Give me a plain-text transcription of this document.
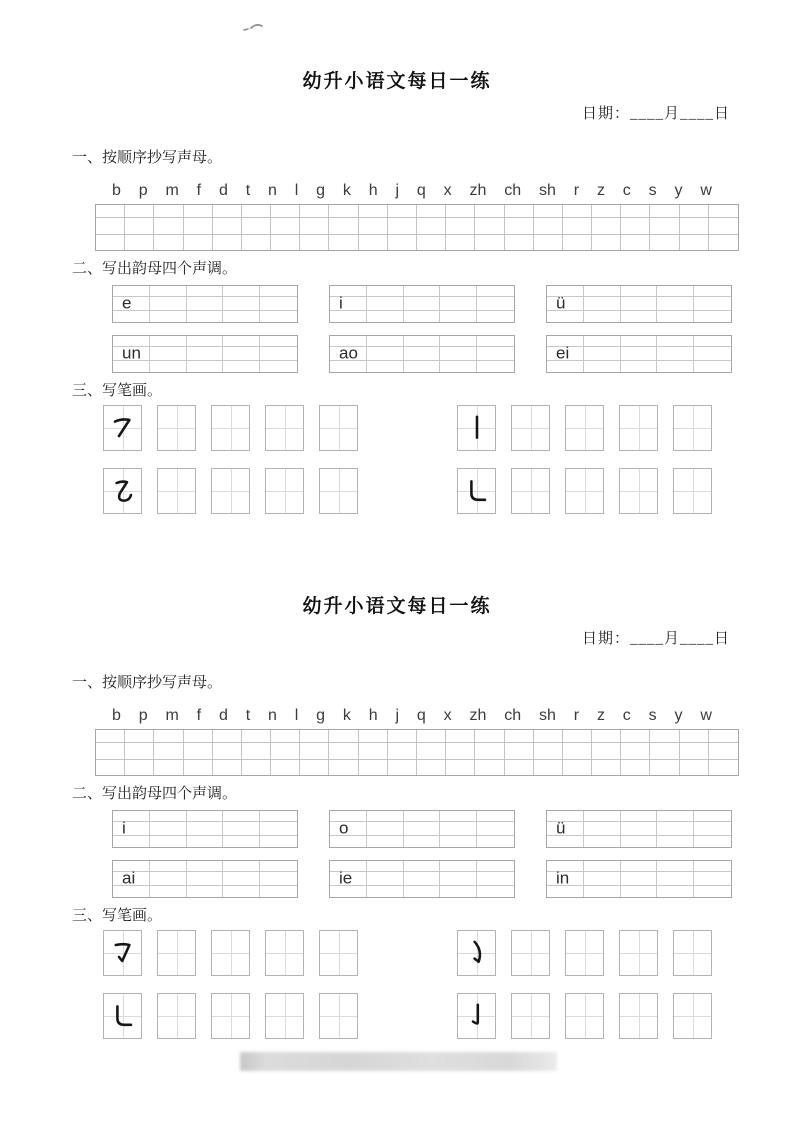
幼升小语文每日一练
日期：____月____日

一、按顺序抄写声母。

b p m f d t n l g k h j q x zh ch sh r z c s y w

二、写出韵母四个声调。

e	i	ü
un	ao	ei

三、写笔画。

幼升小语文每日一练
日期：____月____日

一、按顺序抄写声母。

b p m f d t n l g k h j q x zh ch sh r z c s y w

二、写出韵母四个声调。

i	o	ü
ai	ie	in

三、写笔画。
